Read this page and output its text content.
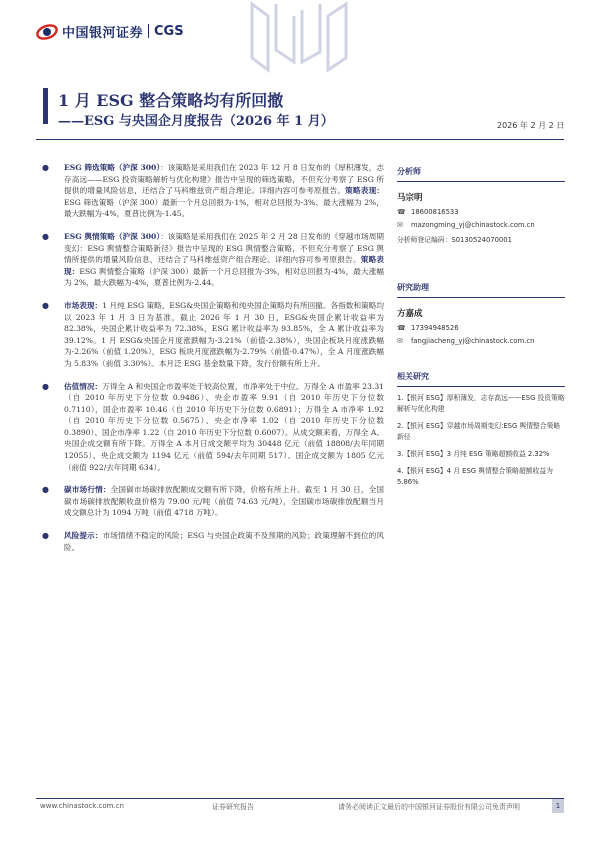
中国银河证券 CGS
1 月 ESG 整合策略均有所回撤
——ESG 与央国企月度报告（2026 年 1 月）	2026 年 2 月 2 日
● ESG 筛选策略（沪深 300）：该策略是采用我们在 2023 年 12 月 8 日发布的《厚积薄发，志存高远——ESG 投资策略解析与优化构建》报告中呈现的筛选策略，不但充分考察了 ESG 所提供的增量风险信息，还结合了马科维兹资产组合理论。详细内容可参考原报告。策略表现：ESG 筛选策略（沪深 300）最新一个月总回报为-1%，相对总回报为-3%、最大涨幅为 2%，最大跌幅为-4%，夏普比例为-1.45。
● ESG 舆情策略（沪深 300）：该策略是采用我们在 2025 年 2 月 28 日发布的《穿越市场周期变幻：ESG 舆情整合策略新径》报告中呈现的 ESG 舆情整合策略，不但充分考察了 ESG 舆情所提供的增量风险信息，还结合了马科维兹资产组合理论。详细内容可参考原报告。策略表现：ESG 舆情整合策略（沪深 300）最新一个月总回报为-3%，相对总回报为-4%，最大涨幅为 2%，最大跌幅为-4%，夏普比例为-2.44。
● 市场表现：1 月纯 ESG 策略、ESG&央国企策略和纯央国企策略均有所回撤。各指数和策略均以 2023 年 1 月 3 日为基准，截止 2026 年 1 月 30 日，ESG&央国企累计收益率为 82.38%，央国企累计收益率为 72.38%，ESG 累计收益率为 93.85%，全 A 累计收益率为 39.12%。1 月 ESG&央国企月度涨跌幅为-3.21%（前值-2.38%），央国企板块月度涨跌幅为-2.26%（前值 1.20%），ESG 板块月度涨跌幅为-2.79%（前值-0.47%），全 A 月度涨跌幅为 5.83%（前值 3.30%）。本月泛 ESG 基金数量下降，发行份额有所上升。
● 估值情况：万得全 A 和央国企市盈率处于较高位置，市净率处于中位。万得全 A 市盈率 23.31（自 2010 年历史下分位数 0.9486）、央企市盈率 9.91（自 2010 年历史下分位数 0.7110），国企市盈率 10.46（自 2010 年历史下分位数 0.6891）；万得全 A 市净率 1.92（自 2010 年历史下分位数 0.5675）、央企市净率 1.02（自 2010 年历史下分位数 0.3890）、国企市净率 1.22（自 2010 年历史下分位数 0.6007）。从成交额来看，万得全 A、央国企成交额有所下降。万得全 A 本月日成交额平均为 30448 亿元（前值 18808/去年同期 12055）、央企成交额为 1194 亿元（前值 594/去年同期 517）、国企成交额为 1805 亿元（前值 922/去年同期 634）。
● 碳市场行情：全国碳市场碳排放配额成交额有所下降，价格有所上升。截至 1 月 30 日，全国碳市场碳排放配额收盘价格为 79.00 元/吨（前值 74.63 元/吨），全国碳市场碳排放配额当月成交额总计为 1094 万吨（前值 4718 万吨）。
● 风险提示：市场情绪不稳定的风险；ESG 与央国企政策不及预期的风险；政策理解不到位的风险。
分析师
马宗明
☎ 18600816533
✉	mazongming_yj@chinastock.com.cn
分析师登记编码：S0130524070001
研究助理
方嘉成
☎ 17394948526
✉	fangjiacheng_yj@chinastock.com.cn
相关研究
1.【银河 ESG】厚积薄发，志存高远——ESG 投资策略解析与优化构建
2.【银河 ESG】穿越市场周期变幻:ESG 舆情整合策略新径
3.【银河 ESG】3 月纯 ESG 策略超额收益 2.32%
4.【银河 ESG】4 月 ESG 舆情整合策略超额收益为 5.86%
www.chinastock.com.cn	证券研究报告	请务必阅读正文最后的中国银河证券股份有限公司免责声明	1
